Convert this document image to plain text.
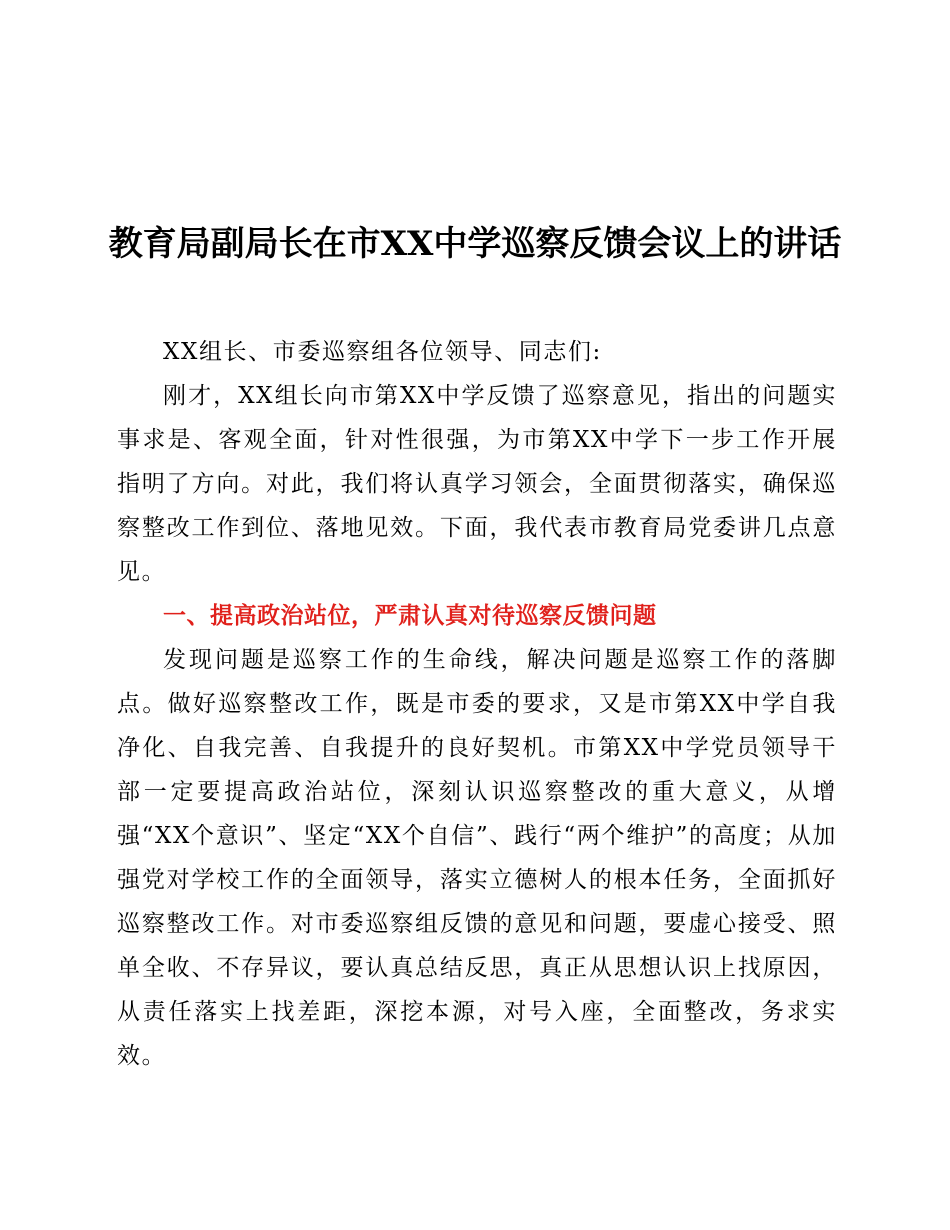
教育局副局长在市XX中学巡察反馈会议上的讲话

XX组长、市委巡察组各位领导、同志们:

刚才，XX组长向市第XX中学反馈了巡察意见，指出的问题实事求是、客观全面，针对性很强，为市第XX中学下一步工作开展指明了方向。对此，我们将认真学习领会，全面贯彻落实，确保巡察整改工作到位、落地见效。下面，我代表市教育局党委讲几点意见。

一、提高政治站位，严肃认真对待巡察反馈问题

发现问题是巡察工作的生命线，解决问题是巡察工作的落脚点。做好巡察整改工作，既是市委的要求，又是市第XX中学自我净化、自我完善、自我提升的良好契机。市第XX中学党员领导干部一定要提高政治站位，深刻认识巡察整改的重大意义，从增强“XX个意识”、坚定“XX个自信”、践行“两个维护”的高度；从加强党对学校工作的全面领导，落实立德树人的根本任务，全面抓好巡察整改工作。对市委巡察组反馈的意见和问题，要虚心接受、照单全收、不存异议，要认真总结反思，真正从思想认识上找原因，从责任落实上找差距，深挖本源，对号入座，全面整改，务求实效。
